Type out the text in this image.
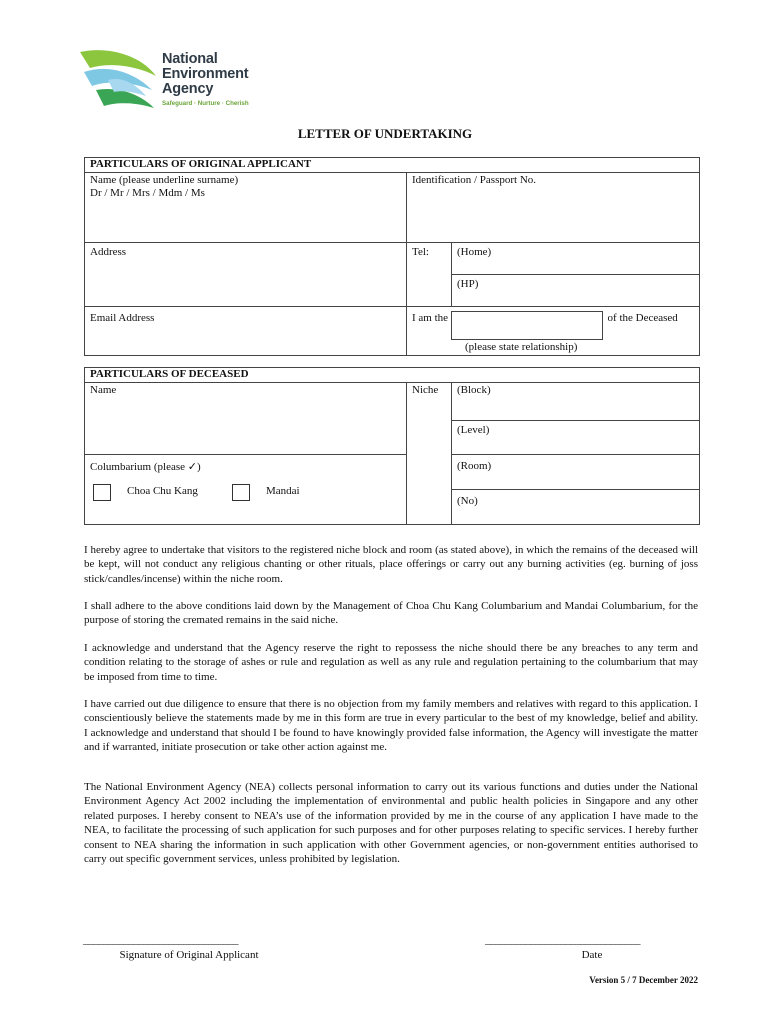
National
Environment
Agency
Safeguard · Nurture · Cherish
LETTER OF UNDERTAKING
PARTICULARS OF ORIGINAL APPLICANT		

Name (please underline surname)
Dr / Mr / Mrs / Mdm / Ms	Identification / Passport No.	

Address	Tel:	(Home)
		(HP)

Email Address	I am the of the Deceased
(please state relationship)	
PARTICULARS OF DECEASED		

Name	Niche	(Block)
		(Level)

Columbarium (please ✓)
Choa Chu Kang Mandai		(Room)
		(No)

I hereby agree to undertake that visitors to the registered niche block and room (as stated above), in which the remains of the deceased will be kept, will not conduct any religious chanting or other rituals, place offerings or carry out any burning activities (eg. burning of joss stick/candles/incense) within the niche room.

I shall adhere to the above conditions laid down by the Management of Choa Chu Kang Columbarium and Mandai Columbarium, for the purpose of storing the cremated remains in the said niche.

I acknowledge and understand that the Agency reserve the right to repossess the niche should there be any breaches to any term and condition relating to the storage of ashes or rule and regulation as well as any rule and regulation pertaining to the columbarium that may be imposed from time to time.

I have carried out due diligence to ensure that there is no objection from my family members and relatives with regard to this application. I conscientiously believe the statements made by me in this form are true in every particular to the best of my knowledge, belief and ability. I acknowledge and understand that should I be found to have knowingly provided false information, the Agency will investigate the matter and if warranted, initiate prosecution or take other action against me.

The National Environment Agency (NEA) collects personal information to carry out its various functions and duties under the National Environment Agency Act 2002 including the implementation of environmental and public health policies in Singapore and any other related purposes. I hereby consent to NEA’s use of the information provided by me in the course of any application I have made to the NEA, to facilitate the processing of such application for such purposes and for other purposes relating to specific services. I hereby further consent to NEA sharing the information in such application with other Government agencies, or non-government entities authorised to carry out specific government services, unless prohibited by legislation.

_______________________________
Signature of Original Applicant
_______________________________
Date
Version 5 / 7 December 2022
